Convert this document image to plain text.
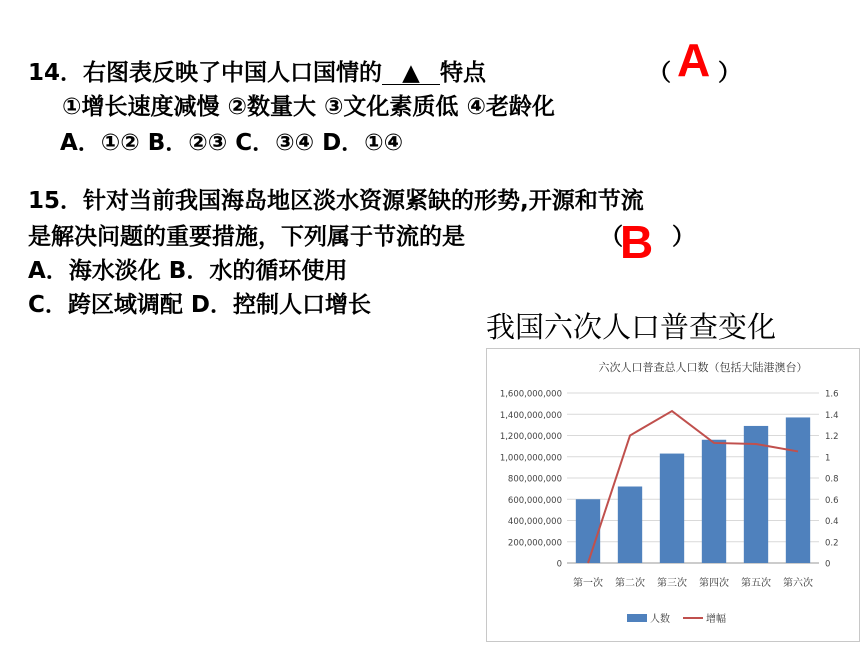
14．右图表反映了中国人口国情的 ▲ 特点	（ A ）
①增长速度减慢 ②数量大 ③文化素质低 ④老龄化
A．①② B．②③ C．③④ D．①④
15．针对当前我国海岛地区淡水资源紧缺的形势,开源和节流
是解决问题的重要措施，下列属于节流的是	（
B ）
A．海水淡化 B．水的循环使用
C．跨区域调配 D．控制人口增长
我国六次人口普查变化
六次人口普查总人口数（包括大陆港澳台）
0	0
200,000,000	0.2
400,000,000	0.4
600,000,000	0.6
800,000,000	0.8
1,000,000,000	1
1,200,000,000	1.2
1,400,000,000	1.4
1,600,000,000	1.6
第一次 第二次 第三次 第四次 第五次 第六次
人数	增幅
